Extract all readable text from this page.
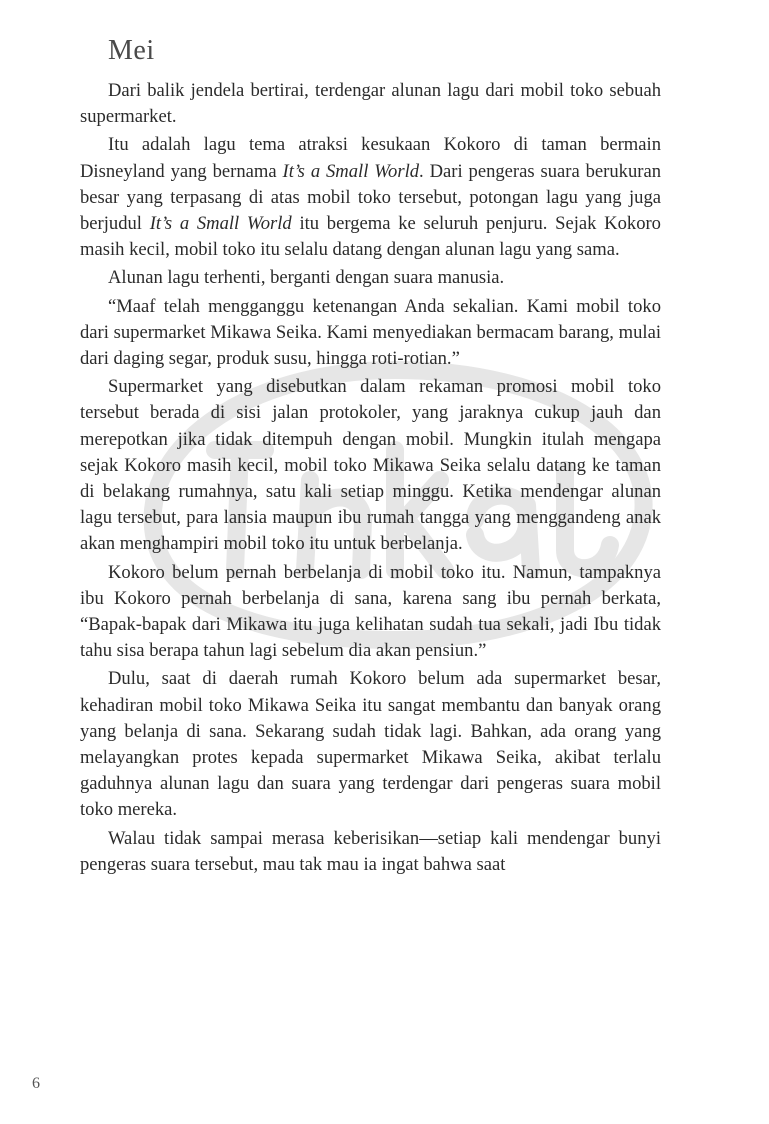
Mei

Dari balik jendela bertirai, terdengar alunan lagu dari mobil toko sebuah supermarket.

Itu adalah lagu tema atraksi kesukaan Kokoro di taman bermain Disneyland yang bernama It’s a Small World. Dari pengeras suara berukuran besar yang terpasang di atas mobil toko tersebut, potongan lagu yang juga berjudul It’s a Small World itu bergema ke seluruh penjuru. Sejak Kokoro masih kecil, mobil toko itu selalu datang dengan alunan lagu yang sama.

Alunan lagu terhenti, berganti dengan suara manusia.

“Maaf telah mengganggu ketenangan Anda sekalian. Kami mobil toko dari supermarket Mikawa Seika. Kami menyediakan bermacam barang, mulai dari daging segar, produk susu, hingga roti-rotian.”

Supermarket yang disebutkan dalam rekaman promosi mobil toko tersebut berada di sisi jalan protokoler, yang jaraknya cukup jauh dan merepotkan jika tidak ditempuh dengan mobil. Mungkin itulah mengapa sejak Kokoro masih kecil, mobil toko Mikawa Seika selalu datang ke taman di belakang rumahnya, satu kali setiap minggu. Ketika mendengar alunan lagu tersebut, para lansia maupun ibu rumah tangga yang menggandeng anak akan menghampiri mobil toko itu untuk berbelanja.

Kokoro belum pernah berbelanja di mobil toko itu. Namun, tampaknya ibu Kokoro pernah berbelanja di sana, karena sang ibu pernah berkata, “Bapak-bapak dari Mikawa itu juga kelihatan sudah tua sekali, jadi Ibu tidak tahu sisa berapa tahun lagi sebelum dia akan pensiun.”

Dulu, saat di daerah rumah Kokoro belum ada supermarket besar, kehadiran mobil toko Mikawa Seika itu sangat membantu dan banyak orang yang belanja di sana. Sekarang sudah tidak lagi. Bahkan, ada orang yang melayangkan protes kepada supermarket Mikawa Seika, akibat terlalu gaduhnya alunan lagu dan suara yang terdengar dari pengeras suara mobil toko mereka.

Walau tidak sampai merasa keberisikan—setiap kali mendengar bunyi pengeras suara tersebut, mau tak mau ia ingat bahwa saat

6
